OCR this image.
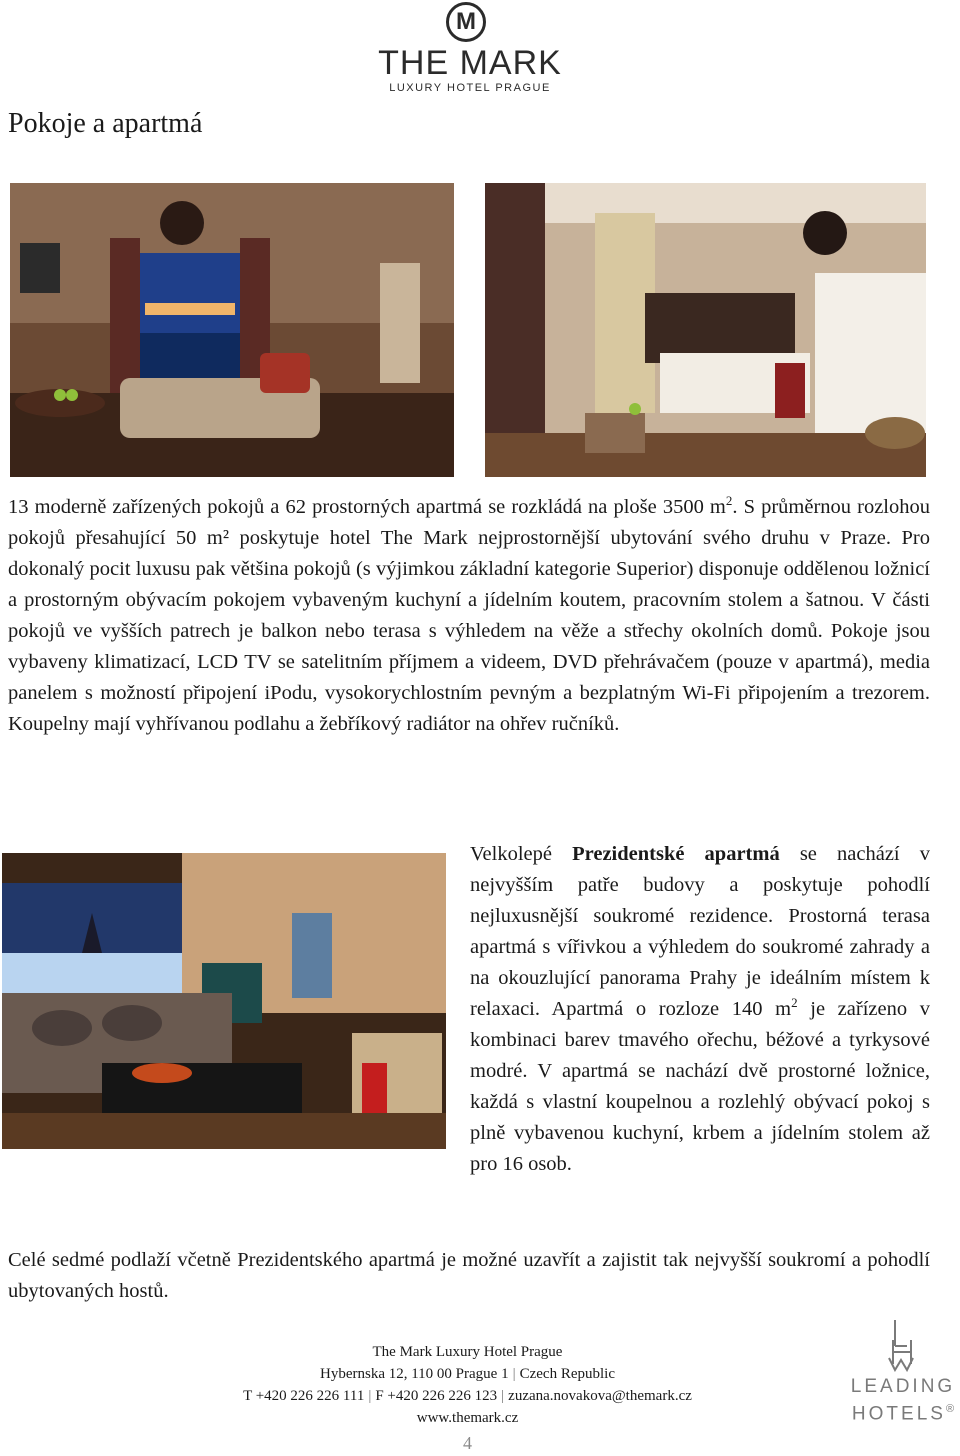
M
THE MARK
LUXURY HOTEL PRAGUE
Pokoje a apartmá
13 moderně zařízených pokojů a 62 prostorných apartmá se rozkládá na ploše 3500 $m^2$. S průměrnou rozlohou pokojů přesahující 50 m² poskytuje hotel The Mark nejprostornější ubytování svého druhu v Praze. Pro dokonalý pocit luxusu pak většina pokojů (s výjimkou základní kategorie Superior) disponuje oddělenou ložnicí a prostorným obývacím pokojem vybaveným kuchyní a jídelním koutem, pracovním stolem a šatnou. V části pokojů ve vyšších patrech je balkon nebo terasa s výhledem na věže a střechy okolních domů. Pokoje jsou vybaveny klimatizací, LCD TV se satelitním příjmem a videem, DVD přehrávačem (pouze v apartmá), media panelem s možností připojení iPodu, vysokorychlostním pevným a bezplatným Wi-Fi připojením a trezorem. Koupelny mají vyhřívanou podlahu a žebříkový radiátor na ohřev ručníků.
Velkolepé Prezidentské apartmá se nachází v nejvyšším patře budovy a poskytuje pohodlí nejluxusnější soukromé rezidence. Prostorná terasa apartmá s vířivkou a výhledem do soukromé zahrady a na okouzlující panorama Prahy je ideálním místem k relaxaci. Apartmá o rozloze 140 $m^2$ je zařízeno v kombinaci barev tmavého ořechu, béžové a tyrkysové modré. V apartmá se nachází dvě prostorné ložnice, každá s vlastní koupelnou a rozlehlý obývací pokoj s plně vybavenou kuchyní, krbem a jídelním stolem až pro 16 osob.
Celé sedmé podlaží včetně Prezidentského apartmá je možné uzavřít a zajistit tak nejvyšší soukromí a pohodlí ubytovaných hostů.
The Mark Luxury Hotel Prague
Hybernska 12, 110 00 Prague 1 | Czech Republic
T +420 226 226 111 | F +420 226 226 123 | zuzana.novakova@themark.cz
www.themark.cz
4
LEADING
HOTELS®
